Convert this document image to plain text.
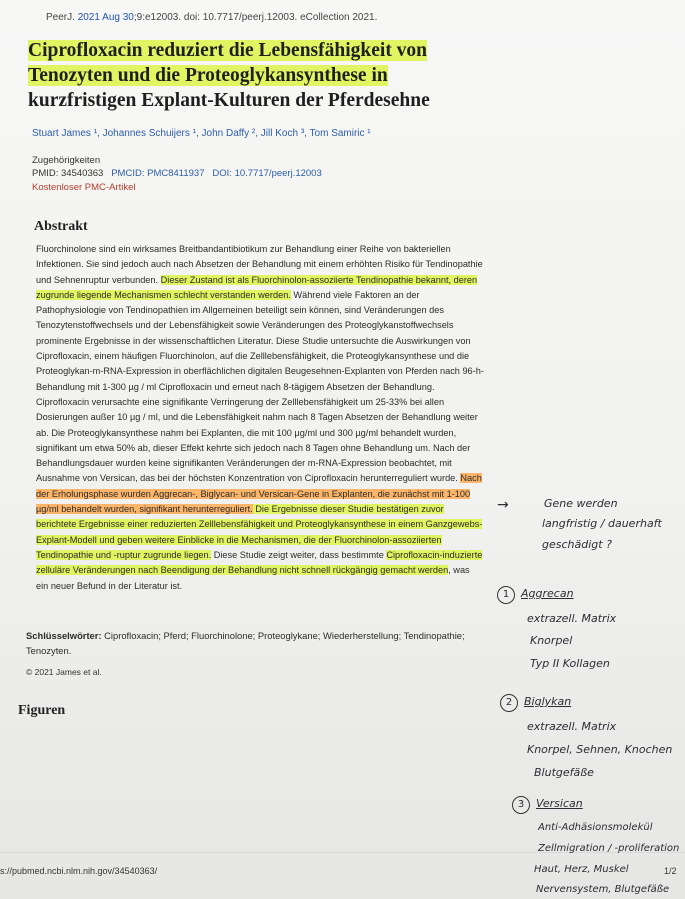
PeerJ. 2021 Aug 30;9:e12003. doi: 10.7717/peerj.12003. eCollection 2021.
Ciprofloxacin reduziert die Lebensfähigkeit von
Tenozyten und die Proteoglykansynthese in
kurzfristigen Explant-Kulturen der Pferdesehne
Stuart James ¹, Johannes Schuijers ¹, John Daffy ², Jill Koch ³, Tom Samiric ¹
Zugehörigkeiten
PMID: 34540363 PMCID: PMC8411937 DOI: 10.7717/peerj.12003
Kostenloser PMC-Artikel
Abstrakt

Fluorchinolone sind ein wirksames Breitbandantibiotikum zur Behandlung einer Reihe von bakteriellen Infektionen. Sie sind jedoch auch nach Absetzen der Behandlung mit einem erhöhten Risiko für Tendinopathie und Sehnenruptur verbunden. Dieser Zustand ist als Fluorchinolon-assoziierte Tendinopathie bekannt, deren zugrunde liegende Mechanismen schlecht verstanden werden. Während viele Faktoren an der Pathophysiologie von Tendinopathien im Allgemeinen beteiligt sein können, sind Veränderungen des Tenozytenstoffwechsels und der Lebensfähigkeit sowie Veränderungen des Proteoglykanstoffwechsels prominente Ergebnisse in der wissenschaftlichen Literatur. Diese Studie untersuchte die Auswirkungen von Ciprofloxacin, einem häufigen Fluorchinolon, auf die Zelllebensfähigkeit, die Proteoglykansynthese und die Proteoglykan-m-RNA-Expression in oberflächlichen digitalen Beugesehnen-Explanten von Pferden nach 96-h-Behandlung mit 1-300 µg / ml Ciprofloxacin und erneut nach 8-tägigem Absetzen der Behandlung. Ciprofloxacin verursachte eine signifikante Verringerung der Zelllebensfähigkeit um 25-33% bei allen Dosierungen außer 10 µg / ml, und die Lebensfähigkeit nahm nach 8 Tagen Absetzen der Behandlung weiter ab. Die Proteoglykansynthese nahm bei Explanten, die mit 100 µg/ml und 300 µg/ml behandelt wurden, signifikant um etwa 50% ab, dieser Effekt kehrte sich jedoch nach 8 Tagen ohne Behandlung um. Nach der Behandlungsdauer wurden keine signifikanten Veränderungen der m-RNA-Expression beobachtet, mit Ausnahme von Versican, das bei der höchsten Konzentration von Ciprofloxacin herunterreguliert wurde. Nach der Erholungsphase wurden Aggrecan-, Biglycan- und Versican-Gene in Explanten, die zunächst mit 1-100 µg/ml behandelt wurden, signifikant herunterreguliert. Die Ergebnisse dieser Studie bestätigen zuvor berichtete Ergebnisse einer reduzierten Zelllebensfähigkeit und Proteoglykansynthese in einem Ganzgewebs-Explant-Modell und geben weitere Einblicke in die Mechanismen, die der Fluorchinolon-assoziierten Tendinopathie und -ruptur zugrunde liegen. Diese Studie zeigt weiter, dass bestimmte Ciprofloxacin-induzierte zelluläre Veränderungen nach Beendigung der Behandlung nicht schnell rückgängig gemacht werden, was ein neuer Befund in der Literatur ist.

Schlüsselwörter: Ciprofloxacin; Pferd; Fluorchinolone; Proteoglykane; Wiederherstellung; Tendinopathie; Tenozyten.
© 2021 James et al.
Figuren
s://pubmed.ncbi.nlm.nih.gov/34540363/	1/2
→	Gene werden
langfristig / dauerhaft
geschädigt ?
1 Aggrecan
extrazell. Matrix
Knorpel
Typ II Kollagen
2 Biglykan
extrazell. Matrix
Knorpel, Sehnen, Knochen
Blutgefäße
3 Versican
Anti-Adhäsionsmolekül
Zellmigration / -proliferation
Haut, Herz, Muskel
Nervensystem, Blutgefäße
